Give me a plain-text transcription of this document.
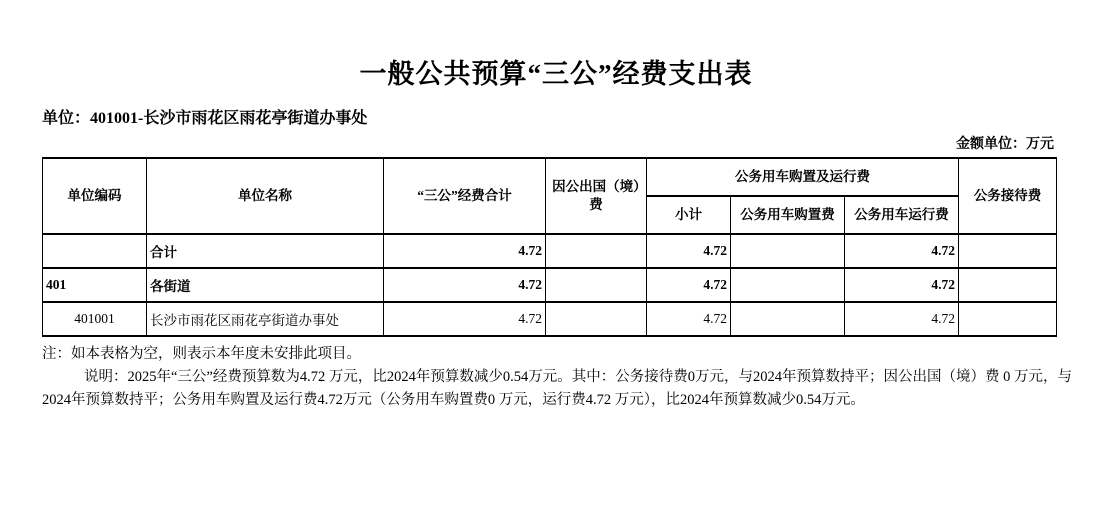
一般公共预算“三公”经费支出表
单位：401001-长沙市雨花区雨花亭街道办事处
金额单位：万元
单位编码	单位名称	“三公”经费合计	因公出国（境）费	公务用车购置及运行费			公务接待费
				小计	公务用车购置费	公务用车运行费	
	合计	4.72		4.72		4.72	
401	各街道	4.72		4.72		4.72	
401001	长沙市雨花区雨花亭街道办事处	4.72		4.72		4.72	

注：如本表格为空，则表示本年度未安排此项目。

说明：2025年“三公”经费预算数为4.72 万元，比2024年预算数减少0.54万元。其中：公务接待费0万元，与2024年预算数持平；因公出国（境）费 0 万元，与2024年预算数持平；公务用车购置及运行费4.72万元（公务用车购置费0 万元，运行费4.72 万元），比2024年预算数减少0.54万元。
